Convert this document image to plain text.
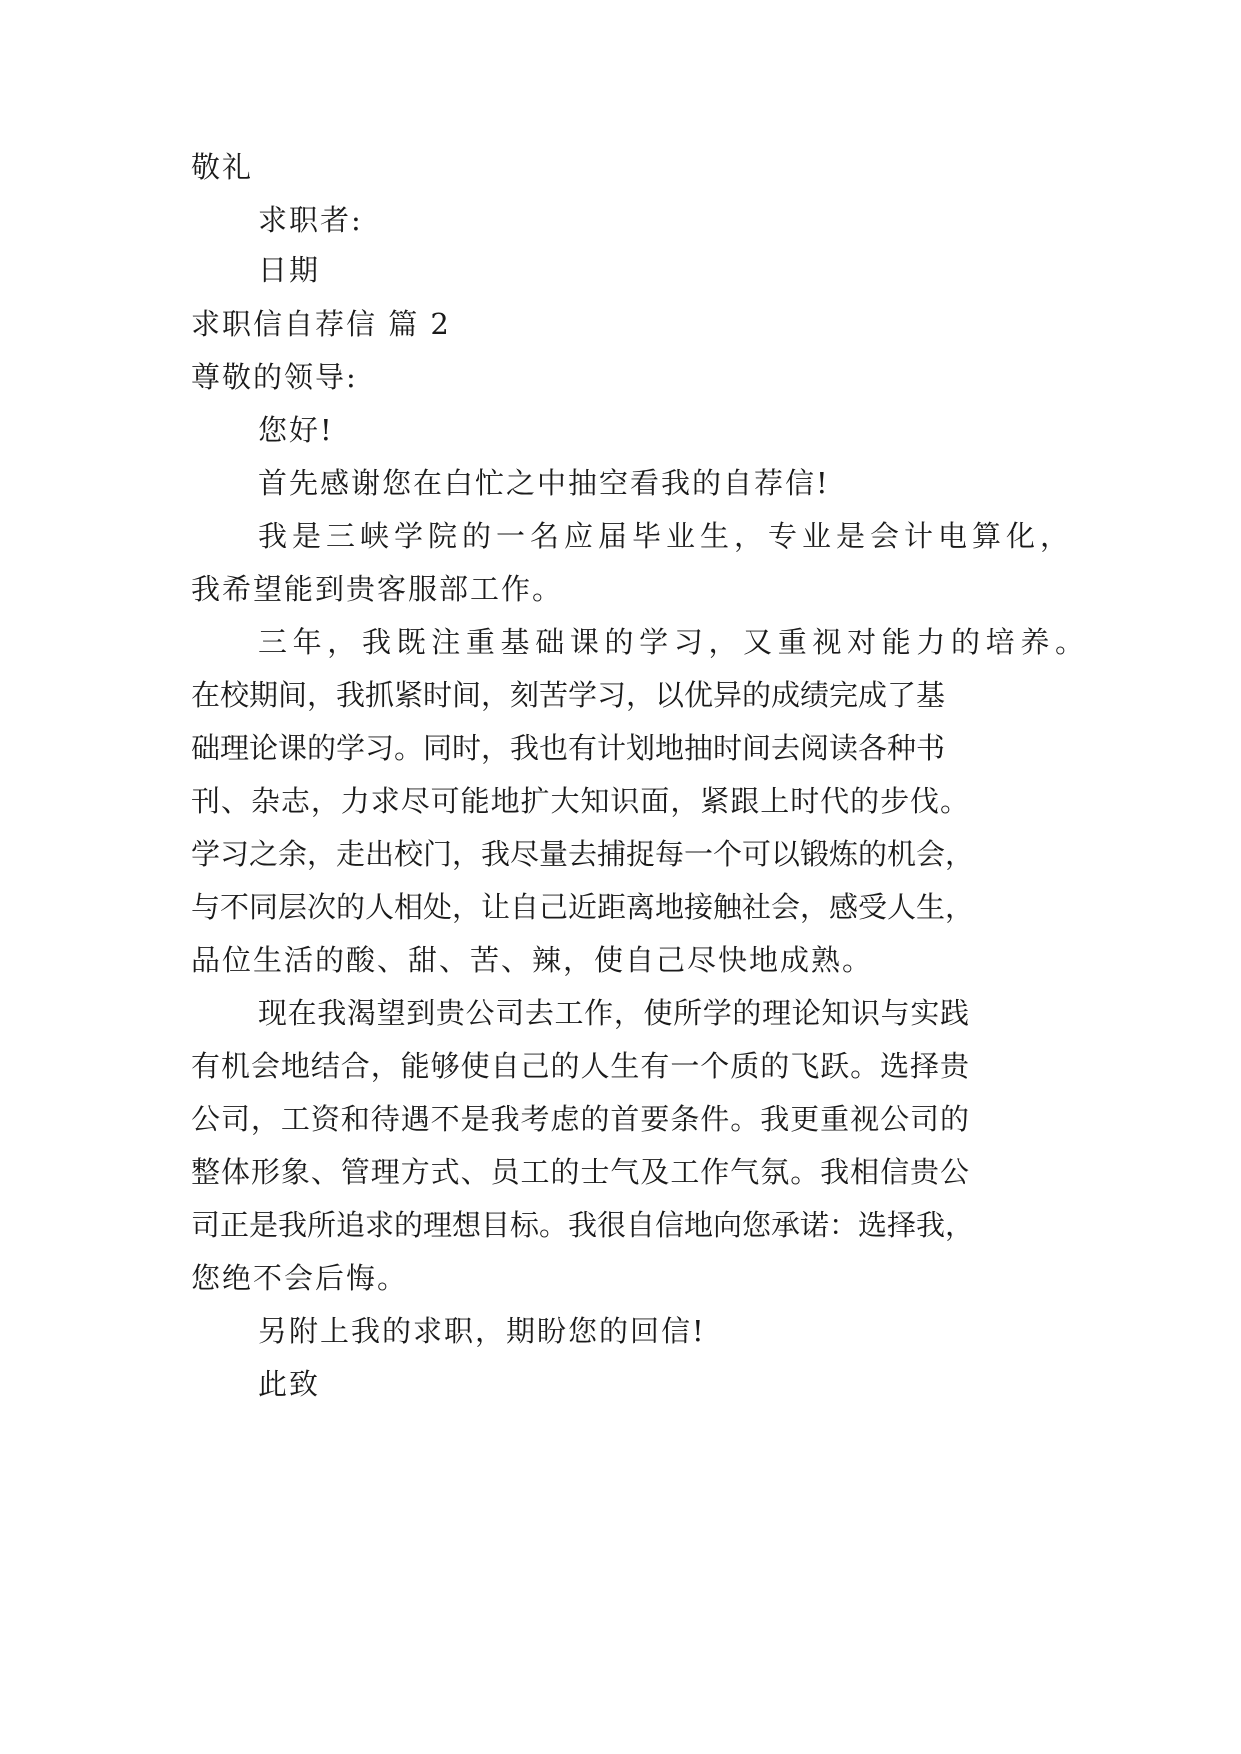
敬礼
求职者:
日期
求职信自荐信 篇 2
尊敬的领导:
您好!
首先感谢您在白忙之中抽空看我的自荐信!
我是三峡学院的一名应届毕业生，专业是会计电算化，
我希望能到贵客服部工作。
三年，我既注重基础课的学习，又重视对能力的培养。
在校期间，我抓紧时间，刻苦学习，以优异的成绩完成了基
础理论课的学习。同时，我也有计划地抽时间去阅读各种书
刊、杂志，力求尽可能地扩大知识面，紧跟上时代的步伐。
学习之余，走出校门，我尽量去捕捉每一个可以锻炼的机会，
与不同层次的人相处，让自己近距离地接触社会，感受人生，
品位生活的酸、甜、苦、辣，使自己尽快地成熟。
现在我渴望到贵公司去工作，使所学的理论知识与实践
有机会地结合，能够使自己的人生有一个质的飞跃。选择贵
公司，工资和待遇不是我考虑的首要条件。我更重视公司的
整体形象、管理方式、员工的士气及工作气氛。我相信贵公
司正是我所追求的理想目标。我很自信地向您承诺：选择我，
您绝不会后悔。
另附上我的求职，期盼您的回信!
此致
